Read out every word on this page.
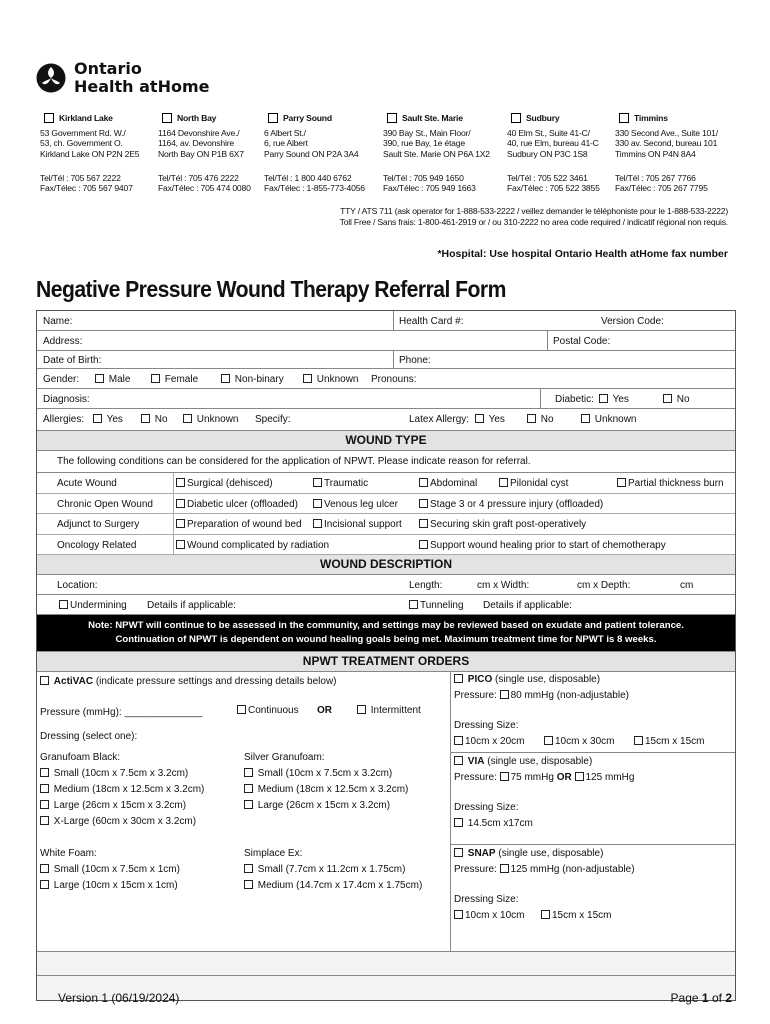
Ontario
Health atHome
Kirkland Lake
53 Government Rd. W./
53, ch. Government O.
Kirkland Lake ON P2N 2E5
Tel/Tél : 705 567 2222
Fax/Télec : 705 567 9407
North Bay
1164 Devonshire Ave./
1164, av. Devonshire
North Bay ON P1B 6X7
Tel/Tél : 705 476 2222
Fax/Télec : 705 474 0080
Parry Sound
6 Albert St./
6, rue Albert
Parry Sound ON P2A 3A4
Tel/Tél : 1 800 440 6762
Fax/Télec : 1-855-773-4056
Sault Ste. Marie
390 Bay St., Main Floor/
390, rue Bay, 1e étage
Sault Ste. Marie ON P6A 1X2
Tel/Tél : 705 949 1650
Fax/Télec : 705 949 1663
Sudbury
40 Elm St., Suite 41-C/
40, rue Elm, bureau 41-C
Sudbury ON P3C 1S8
Tel/Tél : 705 522 3461
Fax/Télec : 705 522 3855
Timmins
330 Second Ave., Suite 101/
330 av. Second, bureau 101
Timmins ON P4N 8A4
Tel/Tél : 705 267 7766
Fax/Télec : 705 267 7795
TTY / ATS 711 (ask operator for 1-888-533-2222 / veillez demander le téléphoniste pour le 1-888-533-2222)
Toll Free / Sans frais: 1-800-461-2919 or / ou 310-2222 no area code required / indicatif régional non requis.
*Hospital: Use hospital Ontario Health atHome fax number
Negative Pressure Wound Therapy Referral Form
Name:	Health Card #:	Version Code:
Address:	Postal Code:
Date of Birth:	Phone:
Gender:	Male	Female	Non-binary	Unknown Pronouns:
Diagnosis:	Diabetic:	Yes	No
Allergies:	Yes	No	Unknown Specify:	Latex Allergy:	Yes	No	Unknown
WOUND TYPE
The following conditions can be considered for the application of NPWT. Please indicate reason for referral.
Acute Wound	Surgical (dehisced)	Traumatic	Abdominal	Pilonidal cyst	Partial thickness burn
Chronic Open Wound	Diabetic ulcer (offloaded)	Venous leg ulcer	Stage 3 or 4 pressure injury (offloaded)
Adjunct to Surgery	Preparation of wound bed	Incisional support	Securing skin graft post-operatively
Oncology Related	Wound complicated by radiation	Support wound healing prior to start of chemotherapy
WOUND DESCRIPTION
Location:	Length:	cm x Width:	cm x Depth:	cm
Undermining Details if applicable:	Tunneling Details if applicable:
Note: NPWT will continue to be assessed in the community, and settings may be reviewed based on exudate and patient tolerance.
Continuation of NPWT is dependent on wound healing goals being met. Maximum treatment time for NPWT is 8 weeks.
NPWT TREATMENT ORDERS
ActiVAC (indicate pressure settings and dressing details below)
Pressure (mmHg): ______________	Continuous OR	Intermittent
Dressing (select one):
Granufoam Black:
Small (10cm x 7.5cm x 3.2cm)
Medium (18cm x 12.5cm x 3.2cm)
Large (26cm x 15cm x 3.2cm)
X-Large (60cm x 30cm x 3.2cm)
Silver Granufoam:
Small (10cm x 7.5cm x 3.2cm)
Medium (18cm x 12.5cm x 3.2cm)
Large (26cm x 15cm x 3.2cm)
White Foam:
Small (10cm x 7.5cm x 1cm)
Large (10cm x 15cm x 1cm)
Simplace Ex:
Small (7.7cm x 11.2cm x 1.75cm)
Medium (14.7cm x 17.4cm x 1.75cm)
PICO (single use, disposable)
Pressure: 80 mmHg (non-adjustable)
Dressing Size:
10cm x 20cm	10cm x 30cm	15cm x 15cm
VIA (single use, disposable)
Pressure: 75 mmHg OR 125 mmHg
Dressing Size:
14.5cm x17cm
SNAP (single use, disposable)
Pressure: 125 mmHg (non-adjustable)
Dressing Size:
10cm x 10cm	15cm x 15cm
Version 1 (06/19/2024)	Page 1 of 2
